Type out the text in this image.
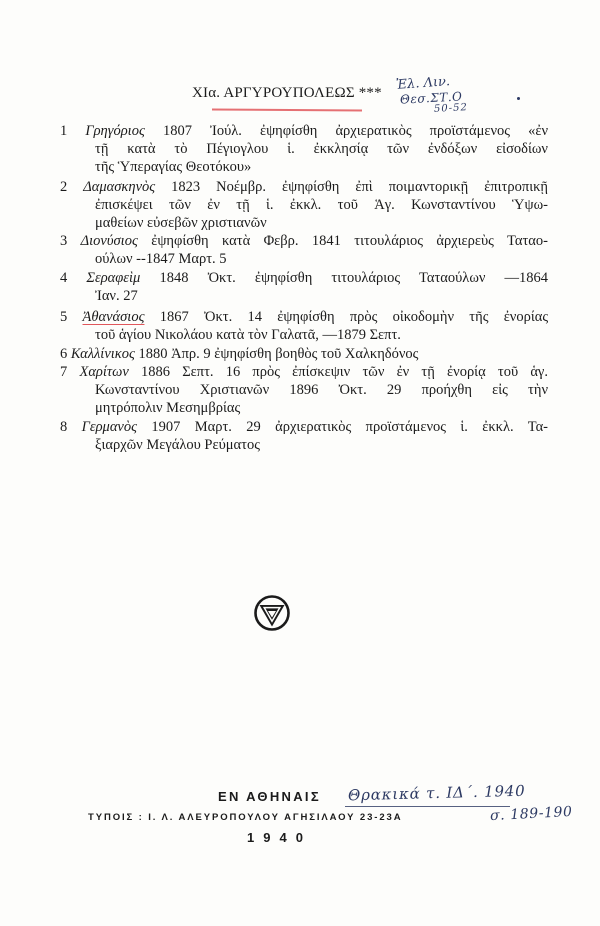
ΧΙα. ΑΡΓΥΡΟΥΠΟΛΕΩΣ ***
Ἐλ. Λιν.
Θεσ.ΣΤ.Ο
50-52
1 Γρηγόριος 1807 Ἰούλ. ἐψηφίσθη ἀρχιερατικὸς προϊστάμενος «ἐν
τῇ κατὰ τὸ Πέγιογλου ἱ. ἐκκλησίᾳ τῶν ἐνδόξων εἰσοδίων
τῆς Ὑπεραγίας Θεοτόκου»
2 Δαμασκηνὸς 1823 Νοέμβρ. ἐψηφίσθη ἐπὶ ποιμαντορικῇ ἐπιτροπικῇ
ἐπισκέψει τῶν ἐν τῇ ἱ. ἐκκλ. τοῦ Ἁγ. Κωνσταντίνου Ὑψω-
μαθείων εὐσεβῶν χριστιανῶν
3 Διονύσιος ἐψηφίσθη κατὰ Φεβρ. 1841 τιτουλάριος ἀρχιερεὺς Ταταο-
ούλων --1847 Μαρτ. 5
4 Σεραφεὶμ 1848 Ὀκτ. ἐψηφίσθη τιτουλάριος Ταταούλων —1864
Ἰαν. 27
5 Ἀθανάσιος 1867 Ὀκτ. 14 ἐψηφίσθη πρὸς οἰκοδομὴν τῆς ἐνορίας
τοῦ ἁγίου Νικολάου κατὰ τὸν Γαλατᾶ, —1879 Σεπτ.
6 Καλλίνικος 1880 Ἀπρ. 9 ἐψηφίσθη βοηθὸς τοῦ Χαλκηδόνος
7 Χαρίτων 1886 Σεπτ. 16 πρὸς ἐπίσκεψιν τῶν ἐν τῇ ἐνορίᾳ τοῦ ἁγ.
Κωνσταντίνου Χριστιανῶν 1896 Ὀκτ. 29 προήχθη εἰς τὴν
μητρόπολιν Μεσημβρίας
8 Γερμανὸς 1907 Μαρτ. 29 ἀρχιερατικὸς προϊστάμενος ἱ. ἐκκλ. Τα-
ξιαρχῶν Μεγάλου Ρεύματος
ΕΝ ΑΘΗΝΑΙΣ Θρακικά τ. ΙΔ΄. 1940
ΤΥΠΟΙΣ : Ι. Λ. ΑΛΕΥΡΟΠΟΥΛΟΥ ΑΓΗΣΙΛΑΟΥ 23-23Α	σ. 189-190
1940
